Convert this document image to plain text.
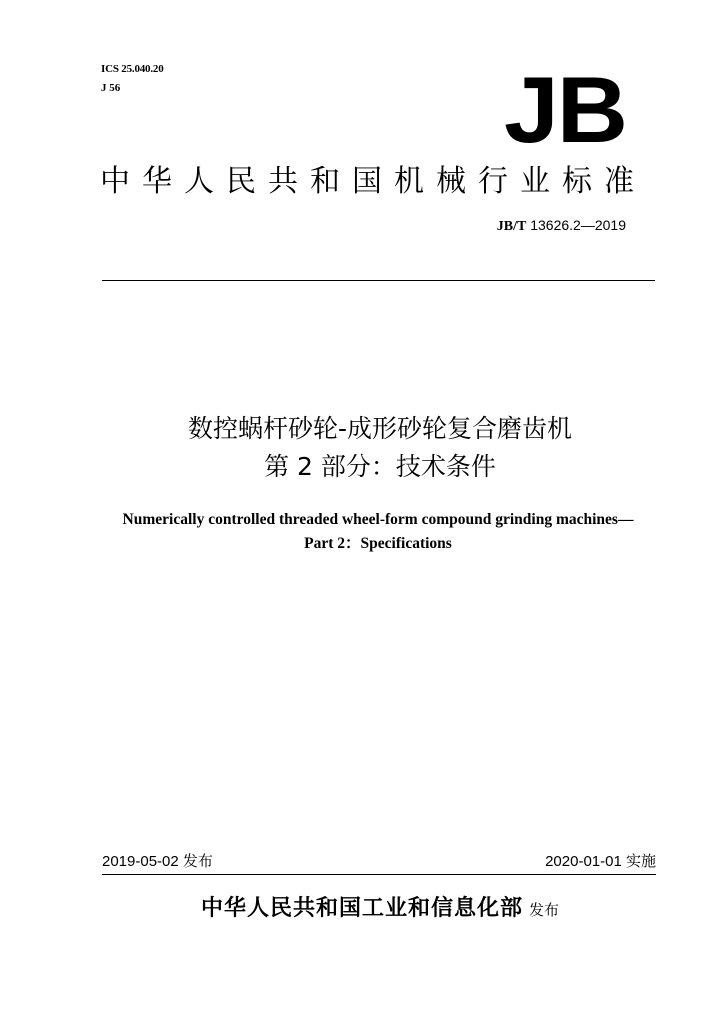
ICS 25.040.20
J 56	JB
中华人民共和国机械行业标准
JB/T 13626.2—2019
数控蜗杆砂轮-成形砂轮复合磨齿机
第 2 部分：技术条件
Numerically controlled threaded wheel-form compound grinding machines—
Part 2：Specifications
2019-05-02 发布	2020-01-01 实施
中华人民共和国工业和信息化部 发布
